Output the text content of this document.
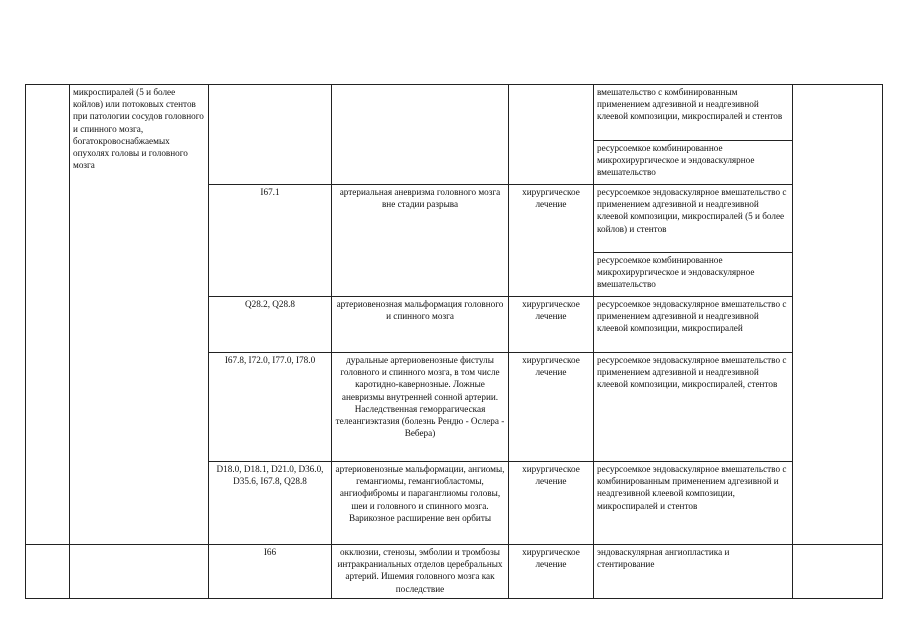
	микроспиралей (5 и более койлов) или потоковых стентов при патологии сосудов головного и спинного мозга, богатокровоснабжаемых опухолях головы и головного мозга				вмешательство с комбинированным применением адгезивной и неадгезивной клеевой композиции, микроспиралей и стентов	
					ресурсоемкое комбинированное микрохирургическое и эндоваскулярное вмешательство	
		I67.1	артериальная аневризма головного мозга вне стадии разрыва	хирургическое лечение	ресурсоемкое эндоваскулярное вмешательство с применением адгезивной и неадгезивной клеевой композиции, микроспиралей (5 и более койлов) и стентов	
					ресурсоемкое комбинированное микрохирургическое и эндоваскулярное вмешательство	
		Q28.2, Q28.8	артериовенозная мальформация головного и спинного мозга	хирургическое лечение	ресурсоемкое эндоваскулярное вмешательство с применением адгезивной и неадгезивной клеевой композиции, микроспиралей	
		I67.8, I72.0, I77.0, I78.0	дуральные артериовенозные фистулы головного и спинного мозга, в том числе каротидно-кавернозные. Ложные аневризмы внутренней сонной артерии. Наследственная геморрагическая телеангиэктазия (болезнь Рендю - Ослера - Вебера)	хирургическое лечение	ресурсоемкое эндоваскулярное вмешательство с применением адгезивной и неадгезивной клеевой композиции, микроспиралей, стентов	
		D18.0, D18.1, D21.0, D36.0, D35.6, I67.8, Q28.8	артериовенозные мальформации, ангиомы, гемангиомы, гемангиобластомы, ангиофибромы и параганглиомы головы, шеи и головного и спинного мозга. Варикозное расширение вен орбиты	хирургическое лечение	ресурсоемкое эндоваскулярное вмешательство с комбинированным применением адгезивной и неадгезивной клеевой композиции, микроспиралей и стентов	
		I66	окклюзии, стенозы, эмболии и тромбозы интракраниальных отделов церебральных артерий. Ишемия головного мозга как последствие	хирургическое лечение	эндоваскулярная ангиопластика и стентирование	
